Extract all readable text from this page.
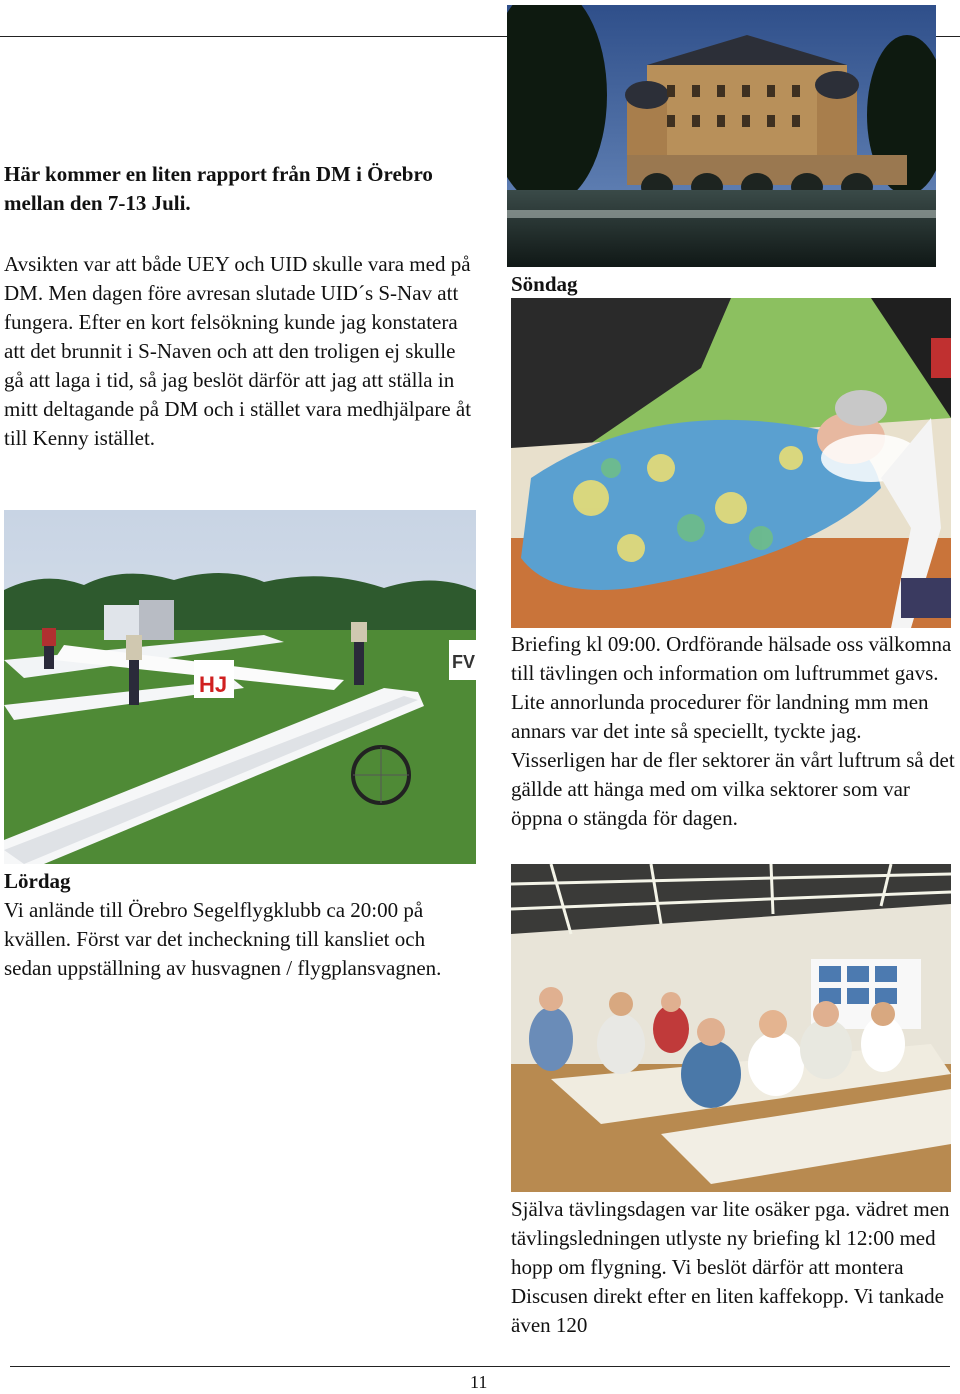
Här kommer en liten rapport från DM i Örebro mellan den 7-13 Juli.

Avsikten var att både UEY och UID skulle vara med på DM. Men dagen före avresan slutade UID´s S-Nav att fungera. Efter en kort felsökning kunde jag konstatera att det brunnit i S-Naven och att den troligen ej skulle gå att laga i tid, så jag beslöt därför att jag att ställa in mitt deltagande på DM och i stället vara medhjälpare åt till Kenny istället.

Söndag

Briefing kl 09:00. Ordförande hälsade oss välkomna till tävlingen och information om luftrummet gavs. Lite annorlunda procedurer för landning mm men annars var det inte så speciellt, tyckte jag. Visserligen har de fler sektorer än vårt luftrum så det gällde att hänga med om vilka sektorer som var öppna o stängda för dagen.

HJ
FV

Lördag

Vi anlände till Örebro Segelflygklubb ca 20:00 på kvällen. Först var det incheckning till kansliet och sedan uppställning av husvagnen / flygplansvagnen.

Själva tävlingsdagen var lite osäker pga. vädret men tävlingsledningen utlyste ny briefing kl 12:00 med hopp om flygning. Vi beslöt därför att montera Discusen direkt efter en liten kaffekopp. Vi tankade även 120

11
